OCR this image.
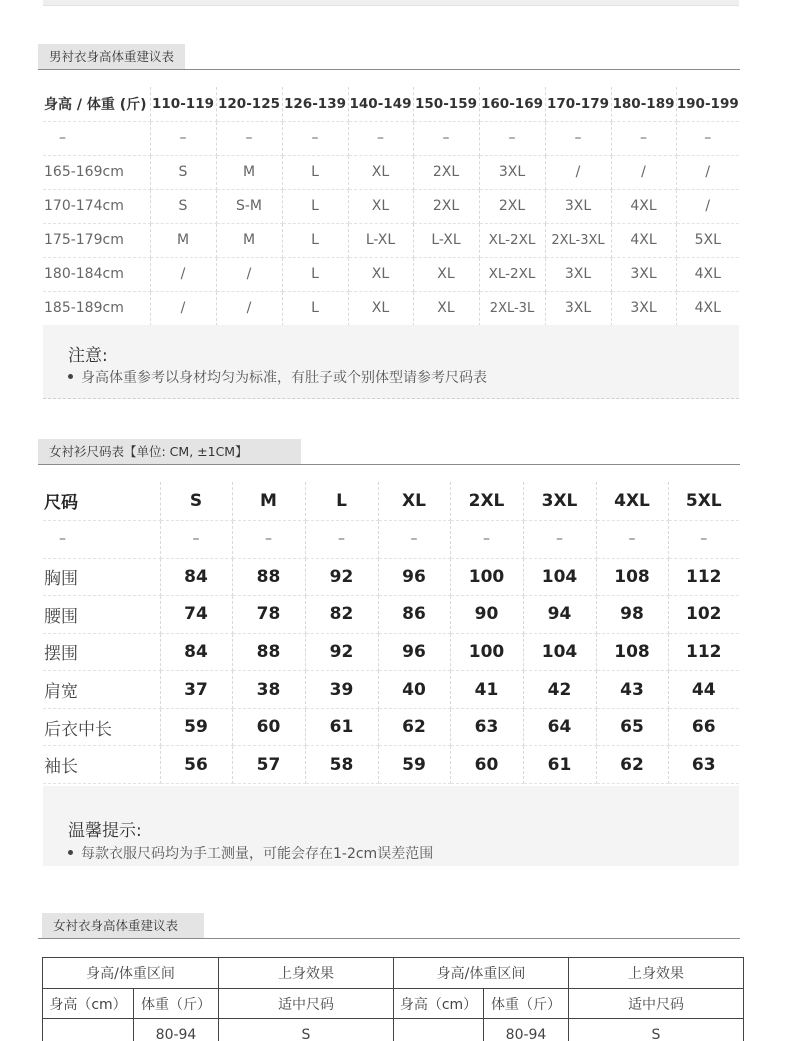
男衬衣身高体重建议表
身高 / 体重 (斤)	110-119	120-125	126-139	140-149	150-159	160-169	170-179	180-189	190-199
–	–	–	–	–	–	–	–	–	–
165-169cm	S	M	L	XL	2XL	3XL	/	/	/
170-174cm	S	S-M	L	XL	2XL	2XL	3XL	4XL	/
175-179cm	M	M	L	L-XL	L-XL	XL-2XL	2XL-3XL	4XL	5XL
180-184cm	/	/	L	XL	XL	XL-2XL	3XL	3XL	4XL
185-189cm	/	/	L	XL	XL	2XL-3L	3XL	3XL	4XL
注意:
身高体重参考以身材均匀为标准，有肚子或个别体型请参考尺码表
女衬衫尺码表【单位: CM, ±1CM】
尺码	S	M	L	XL	2XL	3XL	4XL	5XL
–	–	–	–	–	–	–	–	–
胸围	84	88	92	96	100	104	108	112
腰围	74	78	82	86	90	94	98	102
摆围	84	88	92	96	100	104	108	112
肩宽	37	38	39	40	41	42	43	44
后衣中长	59	60	61	62	63	64	65	66
袖长	56	57	58	59	60	61	62	63
温馨提示:
每款衣服尺码均为手工测量，可能会存在1-2cm误差范围
女衬衣身高体重建议表
身高/体重区间		上身效果	身高/体重区间		上身效果
身高（cm）	体重（斤）	适中尺码	身高（cm）	体重（斤）	适中尺码
	80-94	S		80-94	S
